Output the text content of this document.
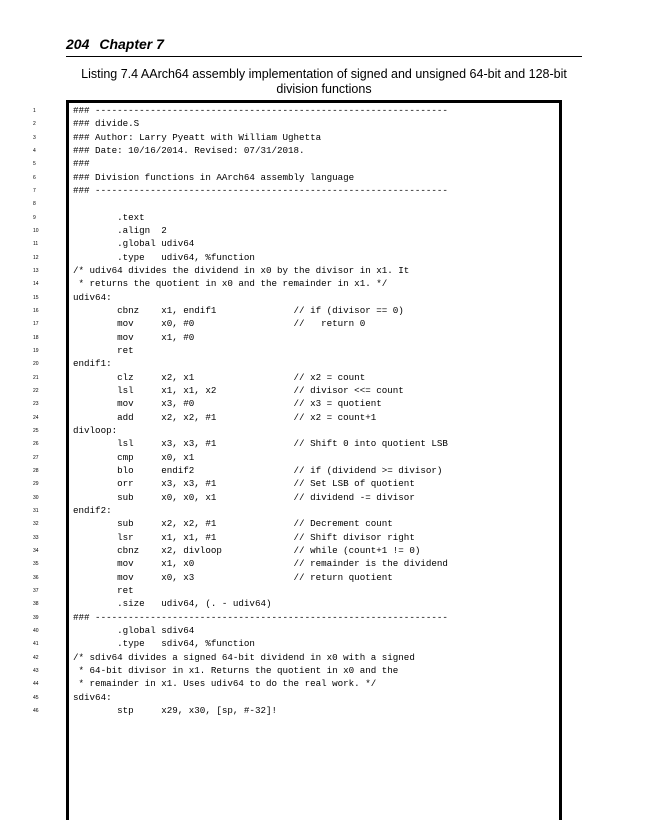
204 Chapter 7
Listing 7.4 AArch64 assembly implementation of signed and unsigned 64-bit and 128-bit division functions
1	### ----------------------------------------------------------------
2	### divide.S
3	### Author: Larry Pyeatt with William Ughetta
4	### Date: 10/16/2014. Revised: 07/31/2018.
5	###
6	### Division functions in AArch64 assembly language
7	### ----------------------------------------------------------------
8
9	.text
10	.align  2
11	.global udiv64
12	.type   udiv64, %function
13	/* udiv64 divides the dividend in x0 by the divisor in x1. It
14	* returns the quotient in x0 and the remainder in x1. */
15	udiv64:
16	cbnz    x1, endif1              // if (divisor == 0)
17	mov     x0, #0                  //   return 0
18	mov     x1, #0
19	ret
20	endif1:
21	clz     x2, x1                  // x2 = count
22	lsl     x1, x1, x2              // divisor <<= count
23	mov     x3, #0                  // x3 = quotient
24	add     x2, x2, #1              // x2 = count+1
25	divloop:
26	lsl     x3, x3, #1              // Shift 0 into quotient LSB
27	cmp     x0, x1
28	blo     endif2                  // if (dividend >= divisor)
29	orr     x3, x3, #1              // Set LSB of quotient
30	sub     x0, x0, x1              // dividend -= divisor
31	endif2:
32	sub     x2, x2, #1              // Decrement count
33	lsr     x1, x1, #1              // Shift divisor right
34	cbnz    x2, divloop             // while (count+1 != 0)
35	mov     x1, x0                  // remainder is the dividend
36	mov     x0, x3                  // return quotient
37	ret
38	.size   udiv64, (. - udiv64)
39	### ----------------------------------------------------------------
40	.global sdiv64
41	.type   sdiv64, %function
42	/* sdiv64 divides a signed 64-bit dividend in x0 with a signed
43	* 64-bit divisor in x1. Returns the quotient in x0 and the
44	* remainder in x1. Uses udiv64 to do the real work. */
45	sdiv64:
46	stp     x29, x30, [sp, #-32]!
